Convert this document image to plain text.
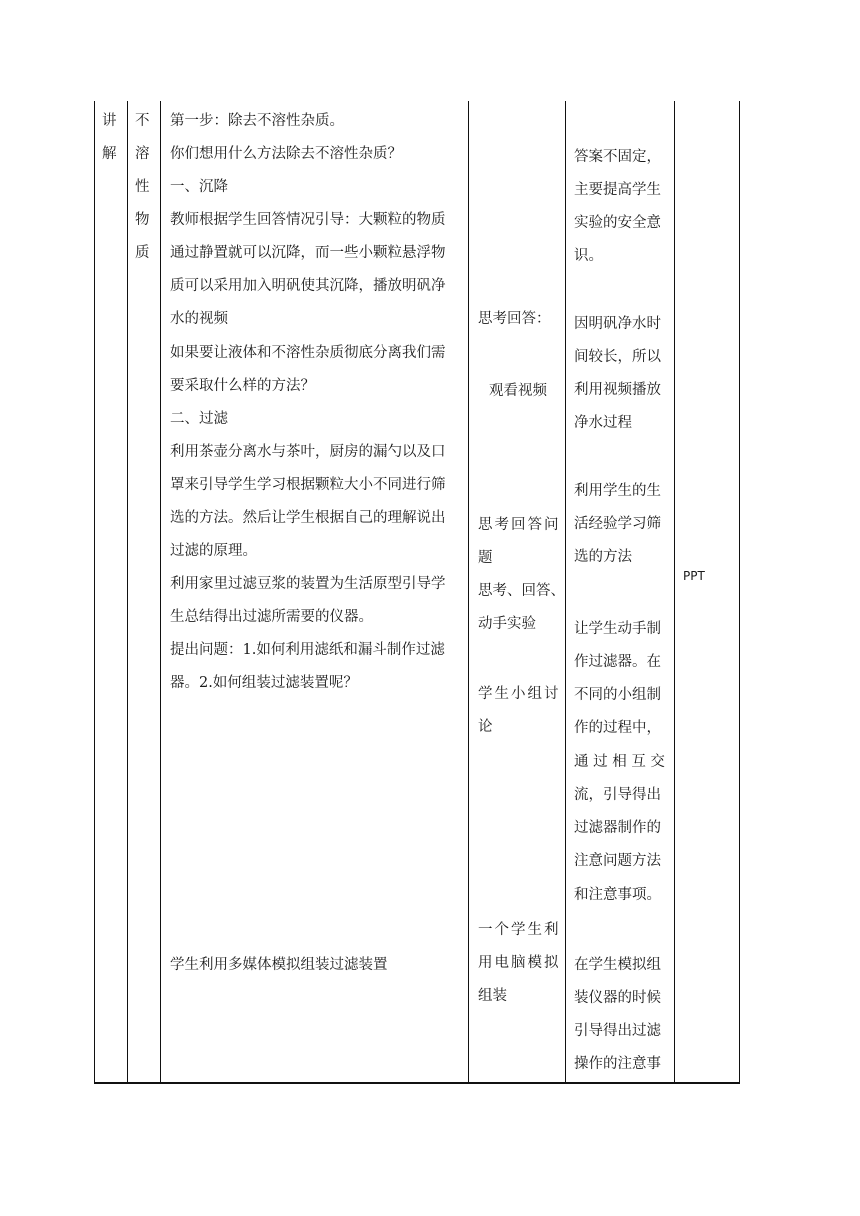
讲
解
不
溶
性
物
质
第一步：除去不溶性杂质。
你们想用什么方法除去不溶性杂质？
一、沉降
教师根据学生回答情况引导：大颗粒的物质
通过静置就可以沉降，而一些小颗粒悬浮物
质可以采用加入明矾使其沉降，播放明矾净
水的视频
如果要让液体和不溶性杂质彻底分离我们需
要采取什么样的方法？
二、过滤
利用茶壶分离水与茶叶，厨房的漏勺以及口
罩来引导学生学习根据颗粒大小不同进行筛
选的方法。然后让学生根据自己的理解说出
过滤的原理。
利用家里过滤豆浆的装置为生活原型引导学
生总结得出过滤所需要的仪器。
提出问题：1.如何利用滤纸和漏斗制作过滤
器。2.如何组装过滤装置呢？
学生利用多媒体模拟组装过滤装置
思考回答：
观看视频
思考回答问
题
思考、回答、
动手实验
学生小组讨
论
一个学生利
用电脑模拟
组装
答案不固定，
主要提高学生
实验的安全意
识。
因明矾净水时
间较长，所以
利用视频播放
净水过程
利用学生的生
活经验学习筛
选的方法
让学生动手制
作过滤器。在
不同的小组制
作的过程中，
通 过 相 互 交
流，引导得出
过滤器制作的
注意问题方法
和注意事项。
在学生模拟组
装仪器的时候
引导得出过滤
操作的注意事
PPT
